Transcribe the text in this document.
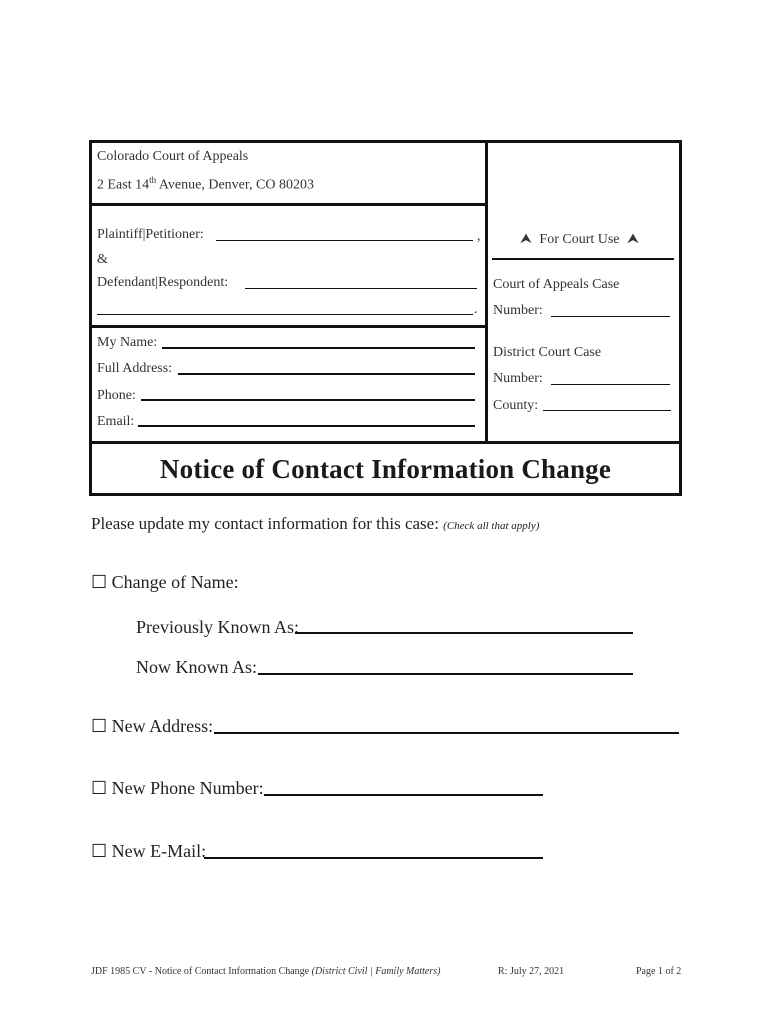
Colorado Court of Appeals
2 East 14th Avenue, Denver, CO 80203
Plaintiff|Petitioner:	,
&
Defendant|Respondent:
.
My Name:
Full Address:
Phone:
Email:
⮝ For Court Use ⮝
Court of Appeals Case
Number:
District Court Case
Number:
County:
Notice of Contact Information Change
Please update my contact information for this case: (Check all that apply)
☐ Change of Name:
Previously Known As:
Now Known As:
☐ New Address:
☐ New Phone Number:
☐ New E-Mail:
JDF 1985 CV - Notice of Contact Information Change (District Civil | Family Matters)	R: July 27, 2021	Page 1 of 2
